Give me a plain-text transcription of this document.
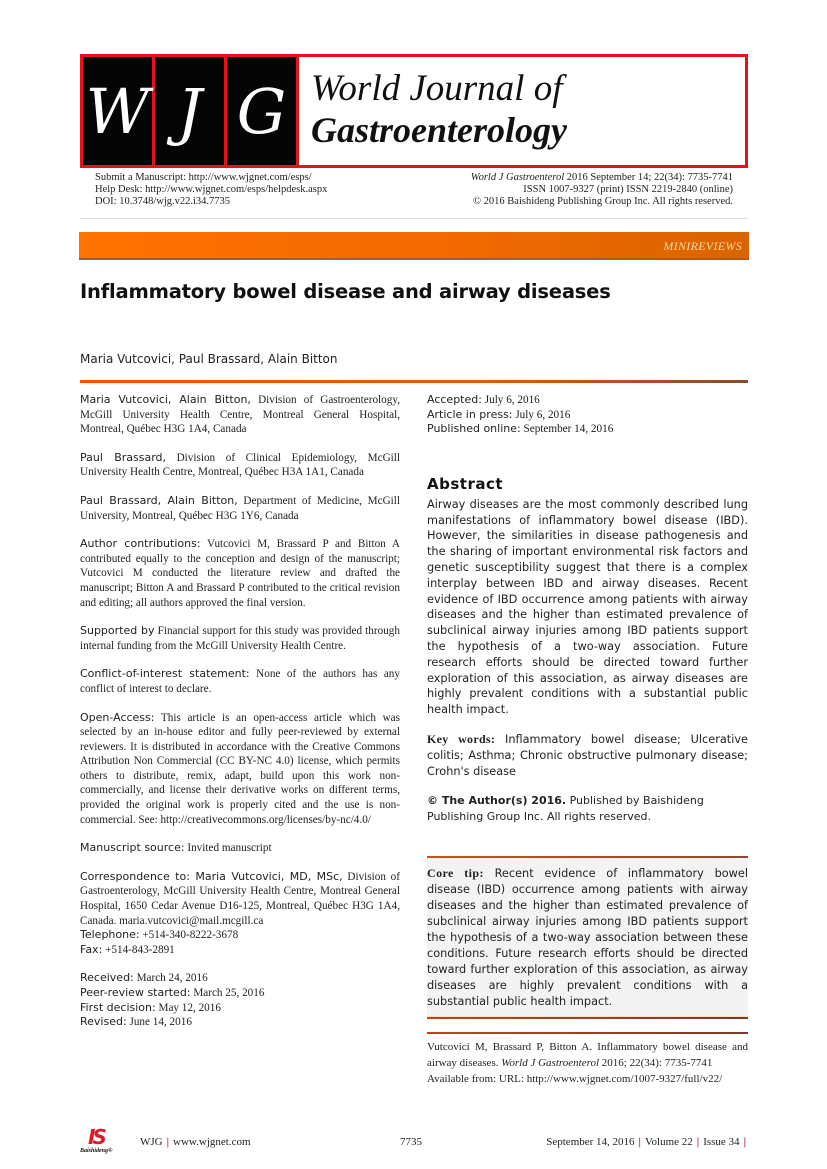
W J G World Journal of
Gastroenterology
Submit a Manuscript: http://www.wjgnet.com/esps/
Help Desk: http://www.wjgnet.com/esps/helpdesk.aspx
DOI: 10.3748/wjg.v22.i34.7735
World J Gastroenterol 2016 September 14; 22(34): 7735-7741
ISSN 1007-9327 (print) ISSN 2219-2840 (online)
© 2016 Baishideng Publishing Group Inc. All rights reserved.
MINIREVIEWS
Inflammatory bowel disease and airway diseases
Maria Vutcovici, Paul Brassard, Alain Bitton
Maria Vutcovici, Alain Bitton, Division of Gastroenterology, McGill University Health Centre, Montreal General Hospital, Montreal, Québec H3G 1A4, Canada
Paul Brassard, Division of Clinical Epidemiology, McGill University Health Centre, Montreal, Québec H3A 1A1, Canada
Paul Brassard, Alain Bitton, Department of Medicine, McGill University, Montreal, Québec H3G 1Y6, Canada
Author contributions: Vutcovici M, Brassard P and Bitton A contributed equally to the conception and design of the manuscript; Vutcovici M conducted the literature review and drafted the manuscript; Bitton A and Brassard P contributed to the critical revision and editing; all authors approved the final version.
Supported by Financial support for this study was provided through internal funding from the McGill University Health Centre.
Conflict-of-interest statement: None of the authors has any conflict of interest to declare.
Open-Access: This article is an open-access article which was selected by an in-house editor and fully peer-reviewed by external reviewers. It is distributed in accordance with the Creative Commons Attribution Non Commercial (CC BY-NC 4.0) license, which permits others to distribute, remix, adapt, build upon this work non-commercially, and license their derivative works on different terms, provided the original work is properly cited and the use is non-commercial. See: http://creativecommons.org/licenses/by-nc/4.0/
Manuscript source: Invited manuscript
Correspondence to: Maria Vutcovici, MD, MSc, Division of Gastroenterology, McGill University Health Centre, Montreal General Hospital, 1650 Cedar Avenue D16-125, Montreal, Québec H3G 1A4, Canada. maria.vutcovici@mail.mcgill.ca
Telephone: +514-340-8222-3678
Fax: +514-843-2891
Received: March 24, 2016
Peer-review started: March 25, 2016
First decision: May 12, 2016
Revised: June 14, 2016
Accepted: July 6, 2016
Article in press: July 6, 2016
Published online: September 14, 2016
Abstract
Airway diseases are the most commonly described lung manifestations of inflammatory bowel disease (IBD). However, the similarities in disease pathogenesis and the sharing of important environmental risk factors and genetic susceptibility suggest that there is a complex interplay between IBD and airway diseases. Recent evidence of IBD occurrence among patients with airway diseases and the higher than estimated prevalence of subclinical airway injuries among IBD patients support the hypothesis of a two-way association. Future research efforts should be directed toward further exploration of this association, as airway diseases are highly prevalent conditions with a substantial public health impact.
Key words: Inflammatory bowel disease; Ulcerative colitis; Asthma; Chronic obstructive pulmonary disease; Crohn's disease
© The Author(s) 2016. Published by Baishideng Publishing Group Inc. All rights reserved.
Core tip: Recent evidence of inflammatory bowel disease (IBD) occurrence among patients with airway diseases and the higher than estimated prevalence of subclinical airway injuries among IBD patients support the hypothesis of a two-way association between these conditions. Future research efforts should be directed toward further exploration of this association, as airway diseases are highly prevalent conditions with a substantial public health impact.
Vutcovici M, Brassard P, Bitton A. Inflammatory bowel disease and airway diseases. World J Gastroenterol 2016; 22(34): 7735-7741
Available from: URL: http://www.wjgnet.com/1007-9327/full/v22/
IS
Baishideng®
WJG | www.wjgnet.com	7735	September 14, 2016 | Volume 22 | Issue 34 |
